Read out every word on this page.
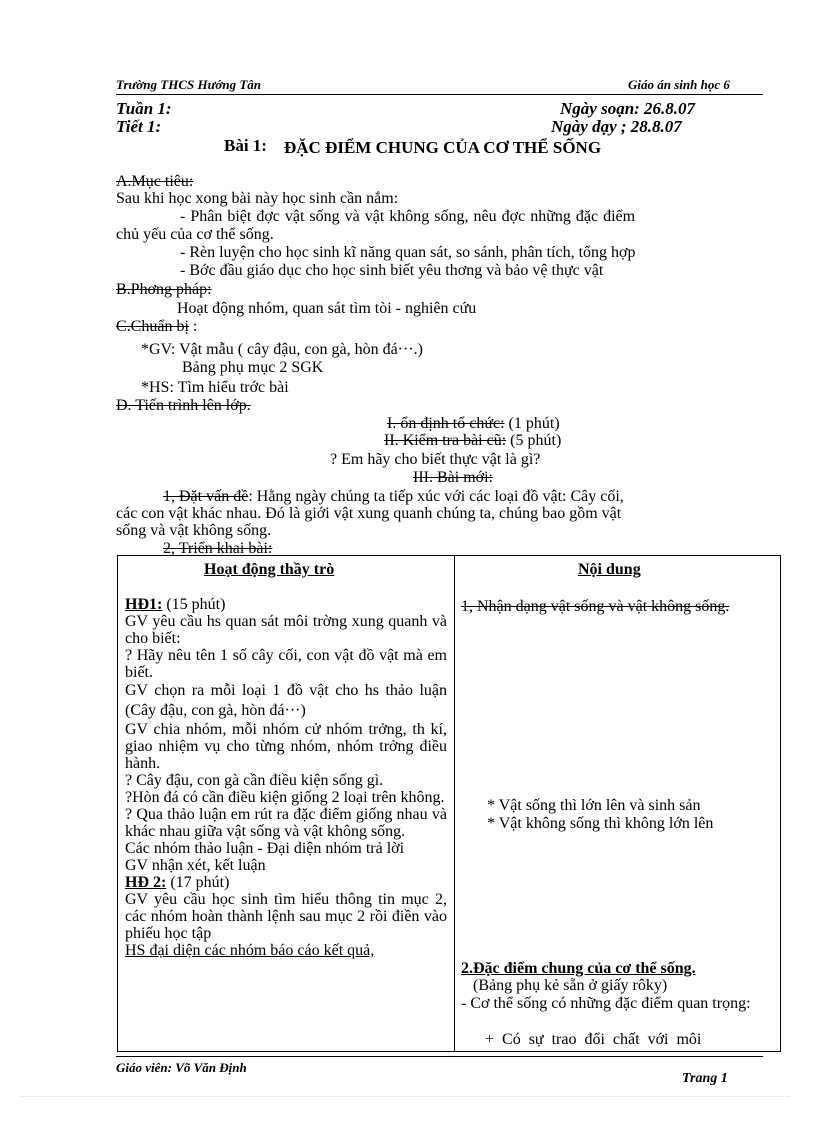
Trường THCS Hướng Tân	Giáo án sinh học 6
Tuần 1:
Tiết 1:
Ngày soạn: 26.8.07
Ngày dạy ; 28.8.07
Bài 1: ĐẶC ĐIỂM CHUNG CỦA CƠ THỂ SỐNG
A.Mục tiêu:
Sau khi học xong bài này học sinh cần nắm:
- Phân biệt đợc vật sống và vật không sống, nêu đợc những đặc điểm
chủ yếu của cơ thể sống.
- Rèn luyện cho học sinh kĩ năng quan sát, so sánh, phân tích, tổng hợp
- Bớc đầu giáo dục cho học sinh biết yêu thơng và bảo vệ thực vật
B.Phơng pháp:
Hoạt động nhóm, quan sát tìm tòi - nghiên cứu
C.Chuẩn bị :
*GV: Vật mẫu ( cây đậu, con gà, hòn đá···.)
Bảng phụ mục 2 SGK
*HS: Tìm hiểu trớc bài
D. Tiến trình lên lớp.
I. ổn định tổ chức: (1 phút)
II. Kiểm tra bài cũ: (5 phút)
? Em hãy cho biết thực vật là gì?
III. Bài mới:
1, Đặt vấn đề: Hằng ngày chúng ta tiếp xúc với các loại đồ vật: Cây cối,
các con vật khác nhau. Đó là giới vật xung quanh chúng ta, chúng bao gồm vật
sống và vật không sống.
2, Triển khai bài:
Hoạt động thầy trò	Nội dung
HĐ1: (15 phút)
GV yêu cầu hs quan sát môi trờng xung quanh và cho biết:
? Hãy nêu tên 1 số cây cối, con vật đồ vật mà em biết.
GV chọn ra mỗi loại 1 đồ vật cho hs thảo luận (Cây đậu, con gà, hòn đá···)
GV chia nhóm, mỗi nhóm cử nhóm trởng, th kí, giao nhiệm vụ cho từng nhóm, nhóm trởng điều hành.
? Cây đậu, con gà cần điều kiện sống gì.
?Hòn đá có cần điều kiện giống 2 loại trên không.
? Qua thảo luận em rút ra đặc điểm giống nhau và khác nhau giữa vật sống và vật không sống.
Các nhóm thảo luận - Đại diện nhóm trả lời
GV nhận xét, kết luận
HĐ 2: (17 phút)
GV yêu cầu học sinh tìm hiểu thông tin mục 2, các nhóm hoàn thành lệnh sau mục 2 rồi điền vào phiếu học tập
HS đại diện các nhóm báo cáo kết quả,
1, Nhận dạng vật sống và vật không sống.
* Vật sống thì lớn lên và sinh sản
* Vật không sống thì không lớn lên
2.Đặc điểm chung của cơ thể sống.
(Bảng phụ kẻ sẵn ở giấy rôky)
- Cơ thể sống có những đặc điểm quan trọng:
+ Có sự trao đổi chất với môi
Giáo viên: Võ Văn Định
Trang 1
